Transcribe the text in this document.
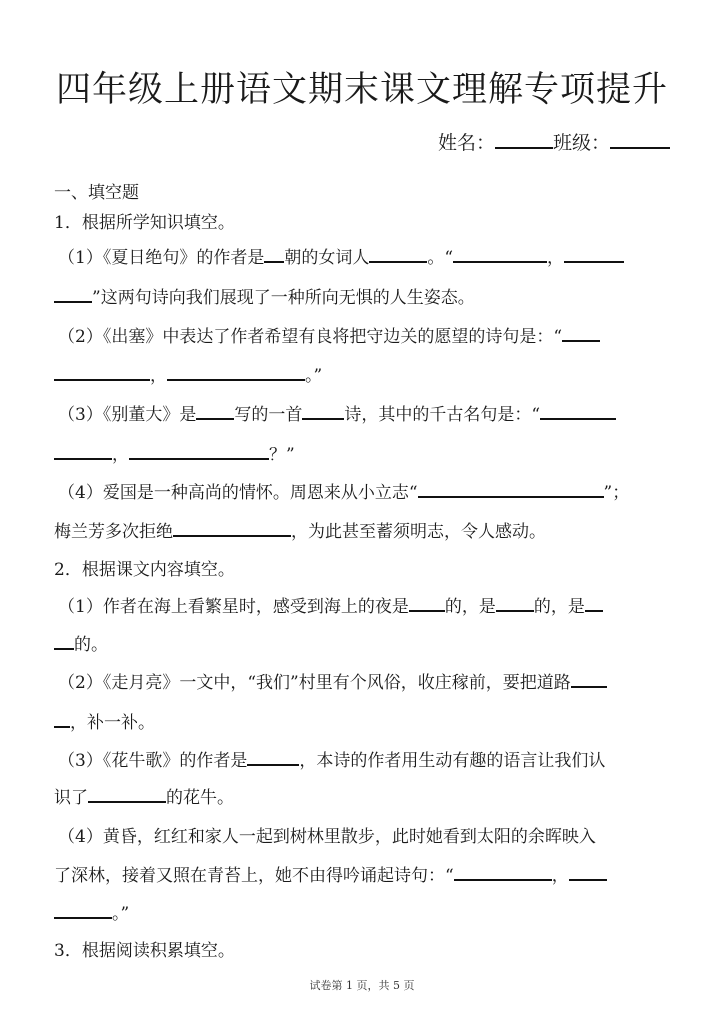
四年级上册语文期末课文理解专项提升
姓名：	班级：
一、填空题
1．根据所学知识填空。
（1）《夏日绝句》的作者是 朝的女词人	。“	，
”这两句诗向我们展现了一种所向无惧的人生姿态。
（2）《出塞》中表达了作者希望有良将把守边关的愿望的诗句是：“
，	。”
（3）《别董大》是 写的一首 诗，其中的千古名句是：“
，	？”
（4）爱国是一种高尚的情怀。周恩来从小立志“	”；
梅兰芳多次拒绝	，为此甚至蓄须明志，令人感动。
2．根据课文内容填空。
（1）作者在海上看繁星时，感受到海上的夜是 的，是 的，是
的。
（2）《走月亮》一文中，“我们”村里有个风俗，收庄稼前，要把道路
，补一补。
（3）《花牛歌》的作者是	，本诗的作者用生动有趣的语言让我们认
识了	的花牛。
（4）黄昏，红红和家人一起到树林里散步，此时她看到太阳的余晖映入
了深林，接着又照在青苔上，她不由得吟诵起诗句：“	，
。”
3．根据阅读积累填空。
试卷第 1 页，共 5 页
